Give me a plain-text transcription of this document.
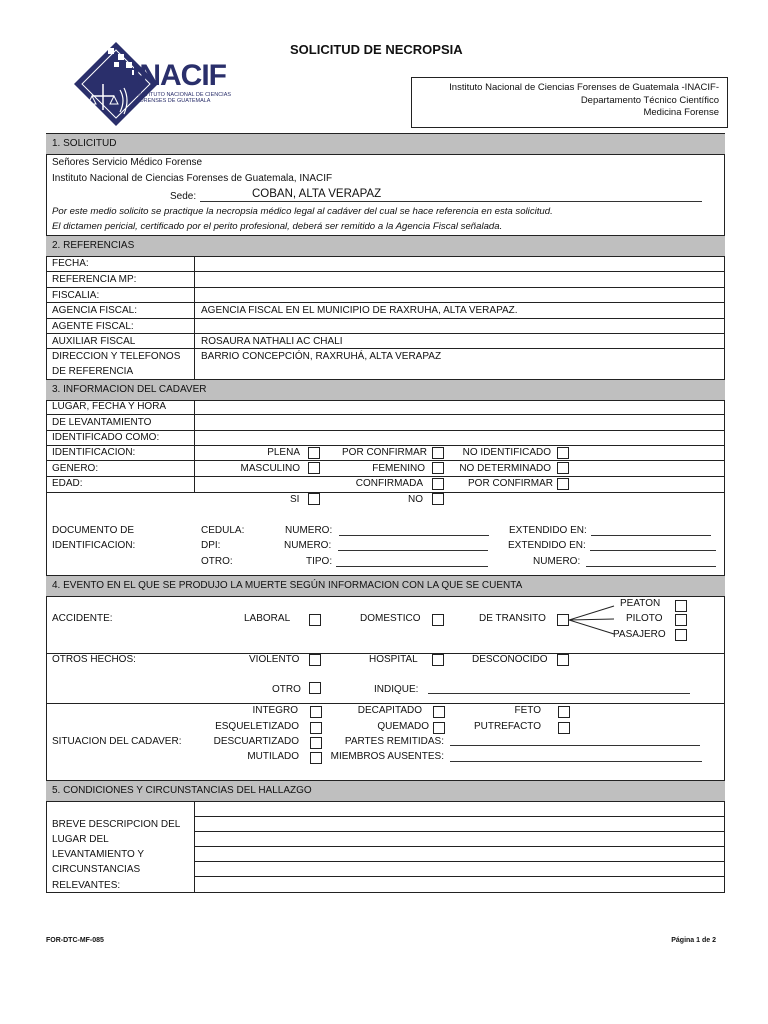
INACIF
INSTITUTO NACIONAL DE CIENCIAS
FORENSES DE GUATEMALA
SOLICITUD DE NECROPSIA
Instituto Nacional de Ciencias Forenses de Guatemala -INACIF-
Departamento Técnico Científico
Medicina Forense
1. SOLICITUD
Señores Servicio Médico Forense
Instituto Nacional de Ciencias Forenses de Guatemala, INACIF
Sede:	COBAN, ALTA VERAPAZ
Por este medio solicito se practique la necropsia médico legal al cadáver del cual se hace referencia en esta solicitud.
El dictamen pericial, certificado por el perito profesional, deberá ser remitido a la Agencia Fiscal señalada.
2. REFERENCIAS
FECHA:
REFERENCIA MP:
FISCALIA:
AGENCIA FISCAL:	AGENCIA FISCAL EN EL MUNICIPIO DE RAXRUHA, ALTA VERAPAZ.
AGENTE FISCAL:
AUXILIAR FISCAL	ROSAURA NATHALI AC CHALI
DIRECCION Y TELEFONOS
DE REFERENCIA
BARRIO CONCEPCIÓN, RAXRUHÁ, ALTA VERAPAZ
3. INFORMACION DEL CADAVER
LUGAR, FECHA Y HORA
DE LEVANTAMIENTO
IDENTIFICADO COMO:
IDENTIFICACION:	PLENA	POR CONFIRMAR	NO IDENTIFICADO
GENERO:	MASCULINO	FEMENINO	NO DETERMINADO
EDAD:	CONFIRMADA	POR CONFIRMAR
SI	NO
DOCUMENTO DE
IDENTIFICACION:
CEDULA:	NUMERO:	EXTENDIDO EN:
DPI:	NUMERO:	EXTENDIDO EN:
OTRO:	TIPO:	NUMERO:
4. EVENTO EN EL QUE SE PRODUJO LA MUERTE SEGÚN INFORMACION CON LA QUE SE CUENTA
ACCIDENTE:	LABORAL	DOMESTICO	DE TRANSITO
PEATON
PILOTO
PASAJERO
OTROS HECHOS:	VIOLENTO	HOSPITAL	DESCONOCIDO
OTRO	INDIQUE:
SITUACION DEL CADAVER:
INTEGRO	DECAPITADO	FETO
ESQUELETIZADO	QUEMADO	PUTREFACTO
DESCUARTIZADO	PARTES REMITIDAS:
MUTILADO	MIEMBROS AUSENTES:
5. CONDICIONES Y CIRCUNSTANCIAS DEL HALLAZGO
BREVE DESCRIPCION DEL
LUGAR DEL
LEVANTAMIENTO Y
CIRCUNSTANCIAS
RELEVANTES:
FOR-DTC-MF-085	Página 1 de 2
